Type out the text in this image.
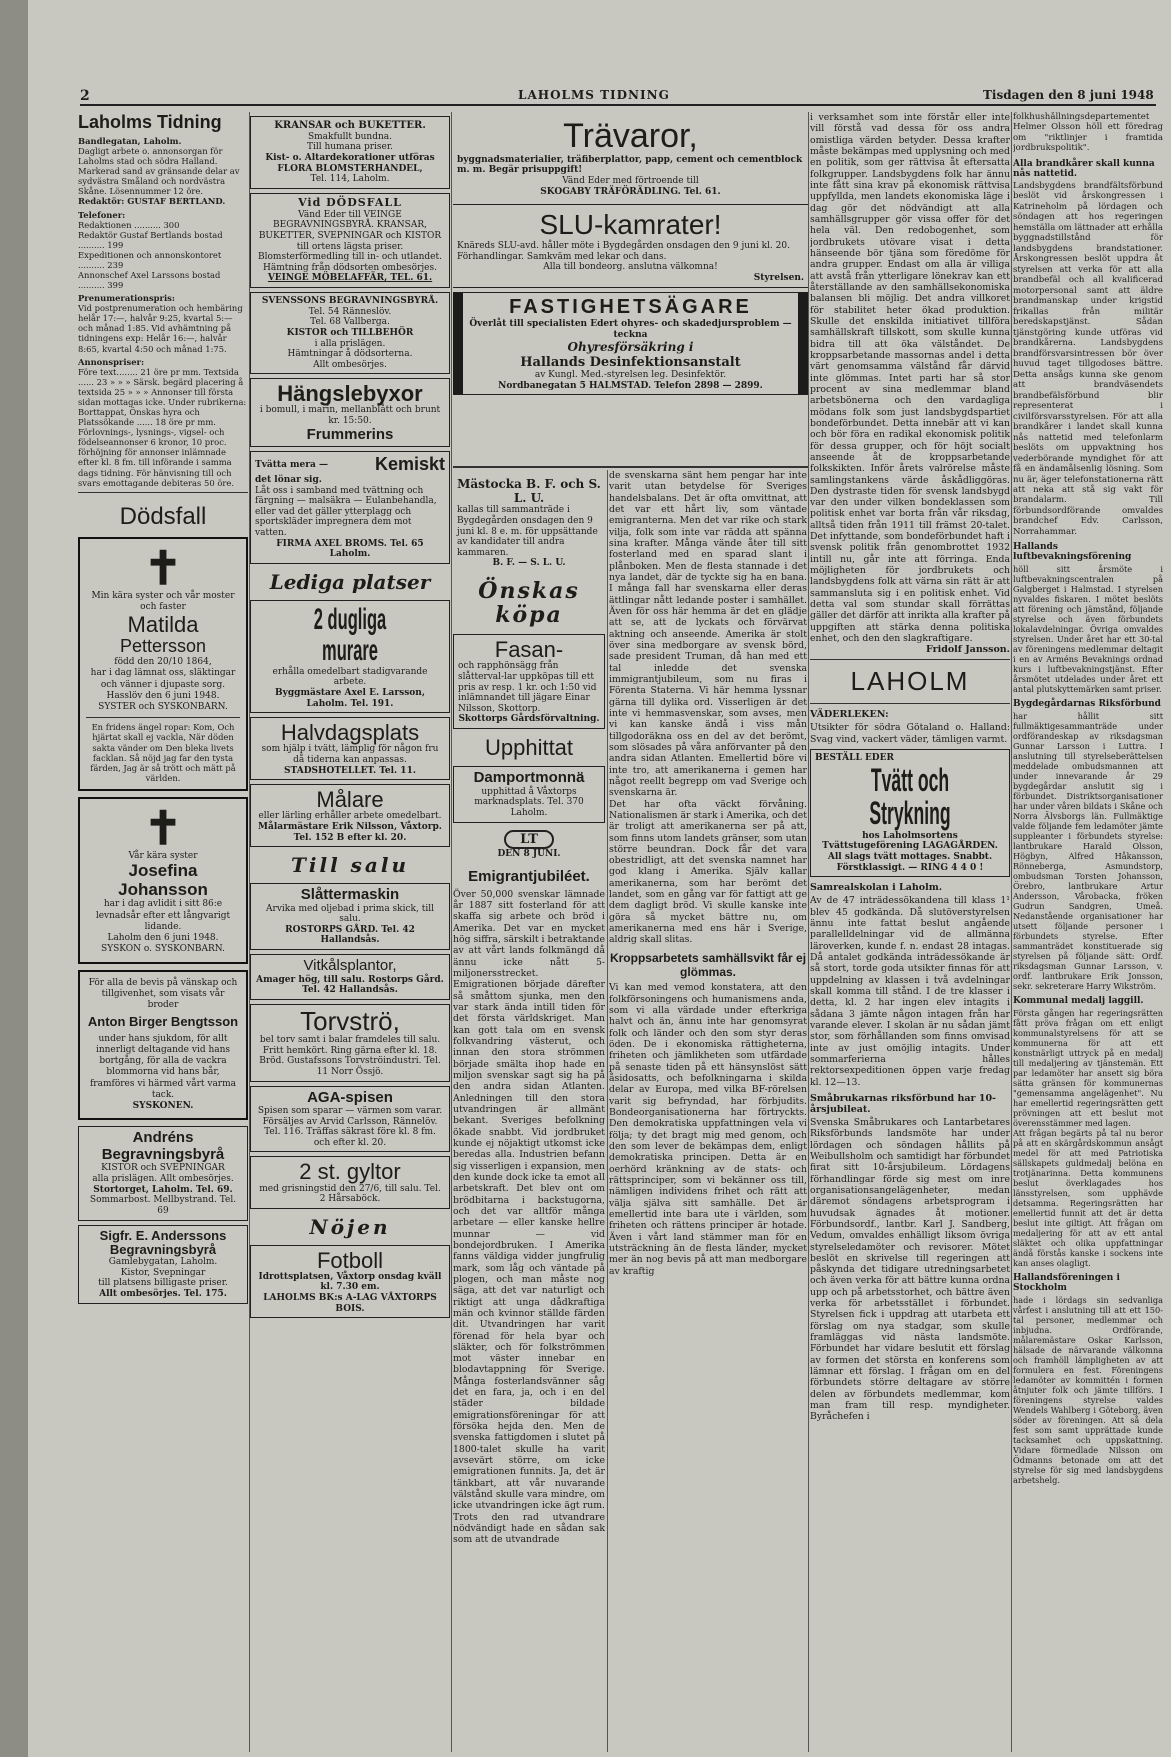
2	LAHOLMS TIDNING	Tisdagen den 8 juni 1948
Laholms Tidning
Bandlegatan, Laholm.
Dagligt arbete o. annonsorgan för Laholms stad och södra Halland. Markerad sand av gränsande delar av sydvästra Småland och nordvästra Skåne. Lösennummer 12 öre.
Redaktör: GUSTAF BERTLAND.
Telefoner:
Redaktionen .......... 300
Redaktör Gustaf Bertlands bostad .......... 199
Expeditionen och annonskontoret .......... 239
Annonschef Axel Larssons bostad .......... 399
Prenumerationspris:
Vid postprenumeration och hembäring helår 17:—, halvår 9:25, kvartal 5:— och månad 1:85. Vid avhämtning på tidningens exp: Helår 16:—, halvår 8:65, kvartal 4:50 och månad 1:75.
Annonspriser:
Före text........ 21 öre pr mm. Textsida ...... 23 » » » Särsk. begärd placering å textsida 25 » » » Annonser till första sidan mottagas icke. Under rubrikerna: Borttappat, Önskas hyra och Platssökande ...... 18 öre pr mm. Förlovnings-, lysnings-, vigsel- och födelseannonser 6 kronor, 10 proc. förhöjning för annonser inlämnade efter kl. 8 fm. till införande i samma dags tidning. För hänvisning till och svars emottagande debiteras 50 öre.
Dödsfall
✝
Min kära syster och vår moster och faster
Matilda
Pettersson
född den 20/10 1864,
har i dag lämnat oss, släktingar och vänner i djupaste sorg.
Hasslöv den 6 juni 1948.
SYSTER och SYSKONBARN.
En fridens ängel ropar: Kom, Och hjärtat skall ej vackla, När döden sakta vänder om Den bleka livets facklan. Så nöjd jag far den tysta färden, Jag är så trött och mätt på världen.
✝
Vår kära syster
Josefina Johansson
har i dag avlidit i sitt 86:e levnadsår efter ett långvarigt lidande.
Laholm den 6 juni 1948.
SYSKON o. SYSKONBARN.
För alla de bevis på vänskap och tillgivenhet, som visats vår broder
Anton Birger Bengtsson
under hans sjukdom, för allt innerligt deltagande vid hans bortgång, för alla de vackra blommorna vid hans bår, framföres vi härmed vårt varma tack.
SYSKONEN.
Andréns Begravningsbyrå
KISTOR och SVEPNINGAR
alla prislägen. Allt ombesörjes.
Stortorget, Laholm. Tel. 69.
Sommarbost. Mellbystrand. Tel. 69
Sigfr. E. Anderssons Begravningsbyrå
Gamlebygatan, Laholm.
Kistor, Svepningar
till platsens billigaste priser.
Allt ombesörjes. Tel. 175.
KRANSAR och BUKETTER.
Smakfullt bundna.
Till humana priser.
Kist- o. Altardekorationer utföras
FLORA BLOMSTERHANDEL,
Tel. 114, Laholm.
Vid DÖDSFALL
Vänd Eder till VEINGE BEGRAVNINGSBYRÅ. KRANSAR, BUKETTER, SVEPNINGAR och KISTOR till ortens lägsta priser. Blomsterförmedling till in- och utlandet. Hämtning från dödsorten ombesörjes.
VEINGE MÖBELAFFÄR, TEL. 61.
SVENSSONS BEGRAVNINGSBYRÅ.
Tel. 54 Ränneslöv.
Tel. 68 Vallberga.
KISTOR och TILLBEHÖR
i alla prislägen.
Hämtningar å dödsorterna.
Allt ombesörjes.
Hängslebyxor
i bomull, i marin, mellanblått och brunt kr. 15:50.
Frummerins
Tvätta mera —	Kemiskt
det lönar sig.
Låt oss i samband med tvättning och färgning — malsäkra — Eulanbehandla, eller vad det gäller ytterplagg och sportskläder impregnera dem mot vatten.
FIRMA AXEL BROMS. Tel. 65 Laholm.
Lediga platser
2 dugliga murare
erhålla omedelbart stadigvarande arbete.
Byggmästare Axel E. Larsson, Laholm. Tel. 191.
Halvdagsplats
som hjälp i tvätt, lämplig för någon fru då tiderna kan anpassas.
STADSHOTELLET. Tel. 11.
Målare
eller lärling erhåller arbete omedelbart.
Målarmästare Erik Nilsson, Våxtorp. Tel. 152 B efter kl. 20.
Till salu
Slåttermaskin
Arvika med oljebad i prima skick, till salu.
ROSTORPS GÅRD. Tel. 42 Hallandsås.
Vitkålsplantor,
Amager hög, till salu. Rostorps Gård. Tel. 42 Hallandsås.
Torvströ,
bel torv samt i balar framdeles till salu. Fritt hemkört. Ring gärna efter kl. 18. Bröd. Gustafssons Torvströindustri. Tel. 11 Norr Össjö.
AGA-spisen
Spisen som sparar — värmen som varar. Försäljes av Arvid Carlsson, Rännelöv. Tel. 116. Träffas säkrast före kl. 8 fm. och efter kl. 20.
2 st. gyltor
med grisningstid den 27/6, till salu. Tel. 2 Hårsaböck.
Nöjen
Fotboll
Idrottsplatsen, Våxtorp onsdag kväll kl. 7.30 em.
LAHOLMS BK:s A-LAG VÅXTORPS BOIS.
Trävaror,
byggnadsmaterialier, träfiberplattor, papp, cement och cementblock m. m. Begär prisuppgift!
Vänd Eder med förtroende till
SKOGABY TRÄFÖRÄDLING. Tel. 61.
SLU-kamrater!
Knäreds SLU-avd. håller möte i Bygdegården onsdagen den 9 juni kl. 20. Förhandlingar. Samkväm med lekar och dans.
Alla till bondeorg. anslutna välkomna!
Styrelsen.
FASTIGHETSÄGARE
Överlåt till specialisten Edert ohyres- och skadedjursproblem — tecknа
Ohyresförsäkring i
Hallands Desinfektionsanstalt
av Kungl. Med.-styrelsen leg. Desinfektör.
Nordbanegatan 5 HALMSTAD. Telefon 2898 — 2899.
Mästocka B. F. och S. L. U.
kallas till sammanträde i Bygdegården onsdagen den 9 juni kl. 8 e. m. för uppsättande av kandidater till andra kammaren.
B. F. — S. L. U.
Önskas köpa
Fasan-
och rapphönsägg från slåtterval-lar uppköpas till ett pris av resp. 1 kr. och 1:50 vid inlämnandet till jägare Einar Nilsson, Skottorp.
Skottorps Gårdsförvaltning.
Upphittat
Damportmonnä
upphittad å Våxtorps marknadsplats. Tel. 370 Laholm.
LT
DEN 8 JUNI.
Emigrantjubiléet.
Över 50,000 svenskar lämnade år 1887 sitt fosterland för att skaffa sig arbete och bröd i Amerika. Det var en mycket hög siffra, särskilt i betraktande av att vårt lands folkmängd då ännu icke nått 5-miljonersstrecket. Emigrationen började därefter så småttom sjunka, men den var stark ända intill tiden för det första världskriget. Man kan gott tala om en svensk folkvandring västerut, och innan den stora strömmen började smälta ihop hade en miljon svenskar sagt sig ha på den andra sidan Atlanten. Anledningen till den stora utvandringen är allmänt bekant. Sveriges befolkning ökade snabbt. Vid jordbruket kunde ej nöjaktigt utkomst icke beredas alla. Industrien befann sig visserligen i expansion, men den kunde dock icke ta emot all arbetskraft. Det blev ont om brödbitarna i backstugorna, och det var alltför många arbetare — eller kanske hellre munnar — vid bondejordbruken. I Amerika fanns väldiga vidder jungfrulig mark, som låg och väntade på plogen, och man måste nog säga, att det var naturligt och riktigt att unga dådkraftiga män och kvinnor ställde färden dit. Utvandringen har varit förenad för hela byar och släkter, och för folkströmmen mot väster innebar en blodavtappning för Sverige. Många fosterlandsvänner såg det en fara, ja, och i en del städer bildade emigrationsföreningar för att försöka hejda den. Men de svenska fattigdomen i slutet på 1800-talet skulle ha varit avsevärt större, om icke emigrationen funnits. Ja, det är tänkbart, att vår nuvarande välstånd skulle vara mindre, om icke utvandringen icke ägt rum. Trots den rad utvandrare nödvändigt hade en sådan sak som att de utvandrade
de svenskarna sänt hem pengar har inte varit utan betydelse för Sveriges handelsbalans. Det är ofta omvittnat, att det var ett hårt liv, som väntade emigranterna. Men det var rike och stark vilja, folk som inte var rädda att spänna sina krafter. Många vände åter till sitt fosterland med en sparad slant i plånboken. Men de flesta stannade i det nya landet, där de tyckte sig ha en bana. I många fall har svenskarna eller deras ättlingar nått ledande poster i samhället. Även för oss här hemma är det en glädje att se, att de lyckats och förvärvat aktning och anseende. Amerika är stolt över sina medborgare av svensk börd, sade president Truman, då han med ett tal inledde det svenska immigrantjubileum, som nu firas i Förenta Staterna. Vi här hemma lyssnar gärna till dylika ord. Visserligen är det inte vi hemmasvenskar, som avses, men vi kan kanske ändå i viss mån tillgodoräkna oss en del av det berömt, som slösades på våra anförvanter på den andra sidan Atlanten. Emellertid böre vi inte tro, att amerikanerna i gemen har något reellt begrepp om vad Sverige och svenskarna är.
Det har ofta väckt förvåning. Nationalismen är stark i Amerika, och det är troligt att amerikanerna ser på att, som finns utom landets gränser, som utan större beundran. Dock får det vara obestridligt, att det svenska namnet har god klang i Amerika. Själv kallar amerikanerna, som har berömt det landet, som en gång var för fattigt att ge dem dagligt bröd. Vi skulle kanske inte göra så mycket bättre nu, om amerikanerna med ens här i Sverige, aldrig skall slitas.
Kroppsarbetets samhällsvikt får ej glömmas.
Vi kan med vemod konstatera, att den folkförsoningens och humanismens anda, som vi alla värdade under efterkriga halvt och än, ännu inte har genomsyrat folk och länder och den som styr deras öden. De i ekonomiska rättigheterna, friheten och jämlikheten som utfärdade på senaste tiden på ett hänsynslöst sätt åsidosatts, och befolkningarna i skilda delar av Europa, med vilka BF-rörelsen varit sig befryndad, har förbjudits. Bondeorganisationerna har förtryckts. Den demokratiska uppfattningen vela vi följa; ty det bragt mig med genom, och den som lever de bekämpas dem, enligt demokratiska principen. Detta är en oerhörd kränkning av de stats- och rättsprinciper, som vi bekänner oss till, nämligen individens frihet och rätt att välja själva sitt samhälle. Det är emellertid inte bara ute i världen, som friheten och rättens principer är hotade. Även i vårt land stämmer man för en utsträckning än de flesta länder, mycket mer än nog bevis på att man medborgare av kraftig
i verksamhet som inte förstår eller inte vill förstå vad dessa för oss andra omistliga värden betyder. Dessa krafter måste bekämpas med upplysning och med en politik, som ger rättvisa åt eftersatta folkgrupper. Landsbygdens folk har ännu inte fått sina krav på ekonomisk rättvisa uppfyllda, men landets ekonomiska läge i dag gör det nödvändigt att alla samhällsgrupper gör vissa offer för det hela väl. Den redobogenhet, som jordbrukets utövare visat i detta hänseende bör tjäna som föredöme för andra grupper. Endast om alla är villiga att avstå från ytterligare lönekrav kan ett återställande av den samhällsekonomiska balansen bli möjlig. Det andra villkoret för stabilitet heter ökad produktion. Skulle det enskilda initiativet tillföra samhällskraft tillskott, som skulle kunna bidra till att öka välståndet. De kroppsarbetande massornas andel i detta värt genomsamma välstånd får därvid inte glömmas. Intet parti har så stor procent av sina medlemmar bland arbetsbönerna och den vardagliga mödans folk som just landsbygdspartiet bondeförbundet. Detta innebär att vi kan och bör föra en radikal ekonomisk politik för dessa grupper, och för höjt socialt anseende åt de kroppsarbetande folkskikten. Inför årets valrörelse måste samlingstankens värde åskådliggöras. Den dystraste tiden för svensk landsbygd var den under vilken bondeklassen som politisk enhet var borta från vår riksdag, alltså tiden från 1911 till främst 20-talet. Det infyttande, som bondeförbundet haft i svensk politik från genombrottet 1932 intill nu, går inte att förringa. Enda möjligheten för jordbrukets och landsbygdens folk att värna sin rätt är att sammansluta sig i en politisk enhet. Vid detta val som stundar skall förrättas gäller det därför att inrikta alla krafter på uppgiften att stärka denna politiska enhet, och den den slagkraftigare.
Fridolf Jansson.
LAHOLM
VÄDERLEKEN:
Utsikter för södra Götaland o. Halland: Svag vind, vackert väder, tämligen varmt.
BESTÄLL EDER
Tvätt och Strykning
hos Laholmsortens Tvättstugeförening LAGAGÅRDEN. All slags tvätt mottages. Snabbt. Förstklassigt. — RING 4 4 0 !
Samrealskolan i Laholm.
Av de 47 inträdessökandena till klass 1¹ blev 45 godkända. Då slutöverstyrelsen ännu inte fattat beslut angående parallelldelningar vid de allmänna läroverken, kunde f. n. endast 28 intagas. Då antalet godkända inträdessökande är så stort, torde goda utsikter finnas för att uppdelning av klassen i två avdelningar skall komma till stånd. I de tre klasser i detta, kl. 2 har ingen elev intagits i sådana 3 jämte någon intagen från har varande elever. I skolan är nu sådan jämt stor, som förhållanden som finns omvisad inte av just omöjlig intagits. Under sommarferierna hålles rektorsexpeditionen öppen varje fredag kl. 12—13.
Småbrukarnas riksförbund har 10-årsjubileat.
Svenska Småbrukares och Lantarbetares Riksförbunds landsmöte har under lördagen och söndagen hållits på Weibullsholm och samtidigt har förbundet firat sitt 10-årsjubileum. Lördagens förhandlingar förde sig mest om inre organisationsangelägenheter, medan däremot söndagens arbetsprogram i huvudsak ägnades åt motioner. Förbundsordf., lantbr. Karl J. Sandberg, Vedum, omvaldes enhälligt liksom övriga styrelseledamöter och revisorer. Mötet beslöt en skrivelse till regeringen att påskynda det tidigare utredningsarbetet och även verka för att bättre kunna ordna upp och på arbetsstorhet, och bättre även verka för arbetsstället i förbundet. Styrelsen fick i uppdrag att utarbeta ett förslag om nya stadgar, som skulle framläggas vid nästa landsmöte. Förbundet har vidare beslutit ett förslag av formen det största en konferens som lämnar ett förslag. I frågan om en del förbundets större deltagare av större delen av förbundets medlemmar, kom man fram till resp. myndigheter. Byråchefen i
folkhushållningsdepartementet Helmer Olsson höll ett föredrag om "riktlinjer i framtida jordbrukspolitik".
Alla brandkårer skall kunna nås nattetid.
Landsbygdens brandfältsförbund beslöt vid årskongressen i Katrineholm på lördagen och söndagen att hos regeringen hemställa om lättnader att erhålla byggnadstillstånd för landsbygdens brandstationer. Årskongressen beslöt uppdra åt styrelsen att verka för att alla brandbefäl och all kvalificerad motorpersonal samt att äldre brandmanskap under krigstid frikallas från militär beredskapstjänst. Sådan tjänstgöring kunde utföras vid brandkårerna. Landsbygdens brandförsvarsintressen bör över huvud taget tillgodoses bättre. Detta ansågs kunna ske genom att brandväsendets brandbefälsförbund blir representerat i civilförsvarsstyrelsen. För att alla brandkårer i landet skall kunna nås nattetid med telefonlarm beslöts om uppvaktning hos vederbörande myndighet för att få en ändamålsenlig lösning. Som nu är, äger telefonstationerna rätt att neka att stå sig vakt för brandalarm. Till förbundsordförande omvaldes brandchef Edv. Carlsson, Norrahammar.
Hallands luftbevakningsförening
höll sitt årsmöte i luftbevakningscentralen på Galgberget i Halmstad. I styrelsen nyvaldes fiskaren. I mötet beslöts att förening och jämstånd, följande styrelse och även förbundets lokalavdelningar. Övriga omvaldes styrelsen. Under året har ett 30-tal av föreningens medlemmar deltagit i en av Arméns Bevaknings ordnad kurs i luftbevakningstjänst. Efter årsmötet utdelades under året ett antal plutskyttemärken samt priser.
Bygdegårdarnas Riksförbund
har hållit sitt fullmäktigesammanträde under ordförandeskap av riksdagsman Gunnar Larsson i Luttra. I anslutning till styrelseberättelsen meddelade ombudsmannen att under innevarande år 29 bygdegårdar anslutit sig i förbundet. Distriktsorganisationer har under våren bildats i Skåne och Norra Älvsborgs län. Fullmäktige valde följande fem ledamöter jämte suppleanter i förbundets styrelse: lantbrukare Harald Olsson, Högbyn, Alfred Håkansson, Rönneberga, Asmundstorp, ombudsman Torsten Johansson, Örebro, lantbrukare Artur Andersson, Vårobacka, fröken Gudrun Sandgren, Umeå. Nedanstående organisationer har utsett följande personer i förbundets styrelse. Efter sammanträdet konstituerade sig styrelsen på följande sätt: Ordf. riksdagsman Gunnar Larsson, v. ordf. lantbrukare Erik Jonsson, sekr. sekreterare Harry Wikström.
Kommunal medalj laggill.
Första gången har regeringsrätten fått pröva frågan om ett enligt kommunalstyrelsens för att se kommunerna för att ett konstnärligt uttryck på en medalj till medaljering av tjänstemän. Ett par ledamöter har ansett sig böra sätta gränsen för kommunernas "gemensamma angelägenhet". Nu har emellertid regeringsrätten gett prövningen att ett beslut mot överensstämmer med lagen.
Att frågan begärts på tal nu beror på att en skärgårdskommun ansågt medel för att med Patriotiska sällskapets guldmedalj belöna en trotjänarinna. Detta kommunens beslut överklagades hos länsstyrelsen, som upphävde detsamma. Regeringsrätten har emellertid funnit att det är detta beslut inte giltigt. Att frågan om medaljering för att av ett antal släktet och olika uppfattningar ändå förstås kanske i sockens inte kan anses olagligt.
Hallandsföreningen i Stockholm
hade i lördags sin sedvanliga vårfest i anslutning till att ett 150-tal personer, medlemmar och inbjudna. Ordförande, målaremästare Oskar Karlsson, hälsade de närvarande välkomna och framhöll lämpligheten av att formulera en fest. Föreningens ledamöter av kommittén i formen åtnjuter folk och jämte tillförs. I föreningens styrelse valdes Wendels Wahlberg i Göteborg, även söder av föreningen. Att så dela fest som samt upprättade kunde tacksamhet och uppskattning. Vidare förmedlade Nilsson om Ödmanns betonade om att det styrelse för sig med landsbygdens arbetshelg.
